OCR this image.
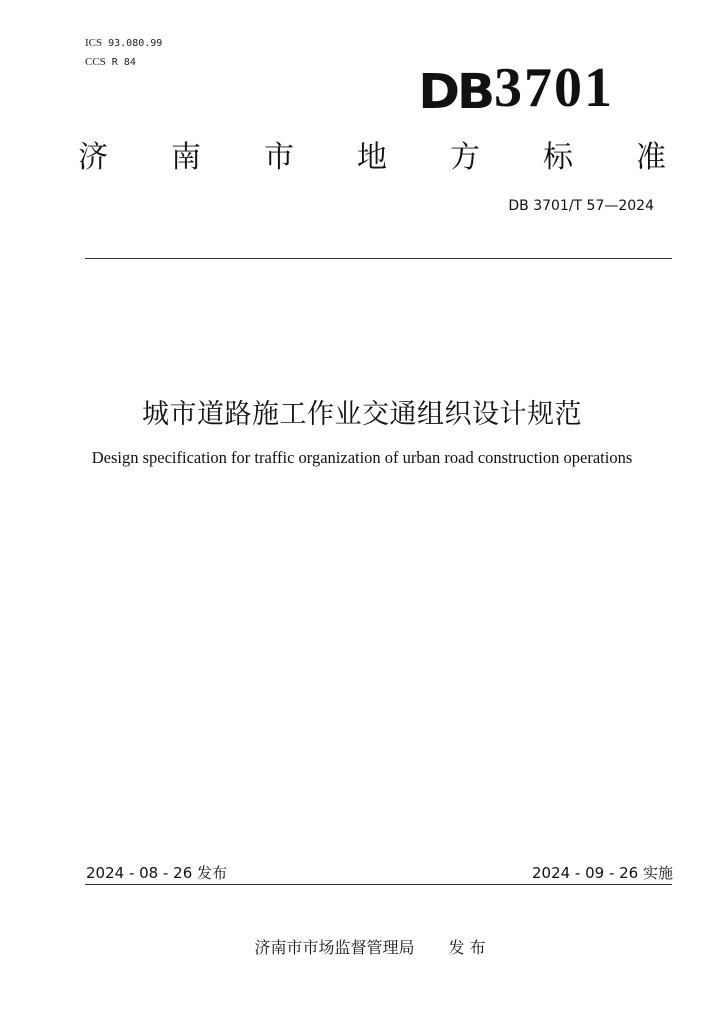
ICS 93.080.99
CCS R 84
DB 3701
济 南 市 地 方 标 准
DB 3701/T 57—2024
城市道路施工作业交通组织设计规范
Design specification for traffic organization of urban road construction operations
2024 - 08 - 26 发布	2024 - 09 - 26 实施
济南市市场监督管理局 发 布
